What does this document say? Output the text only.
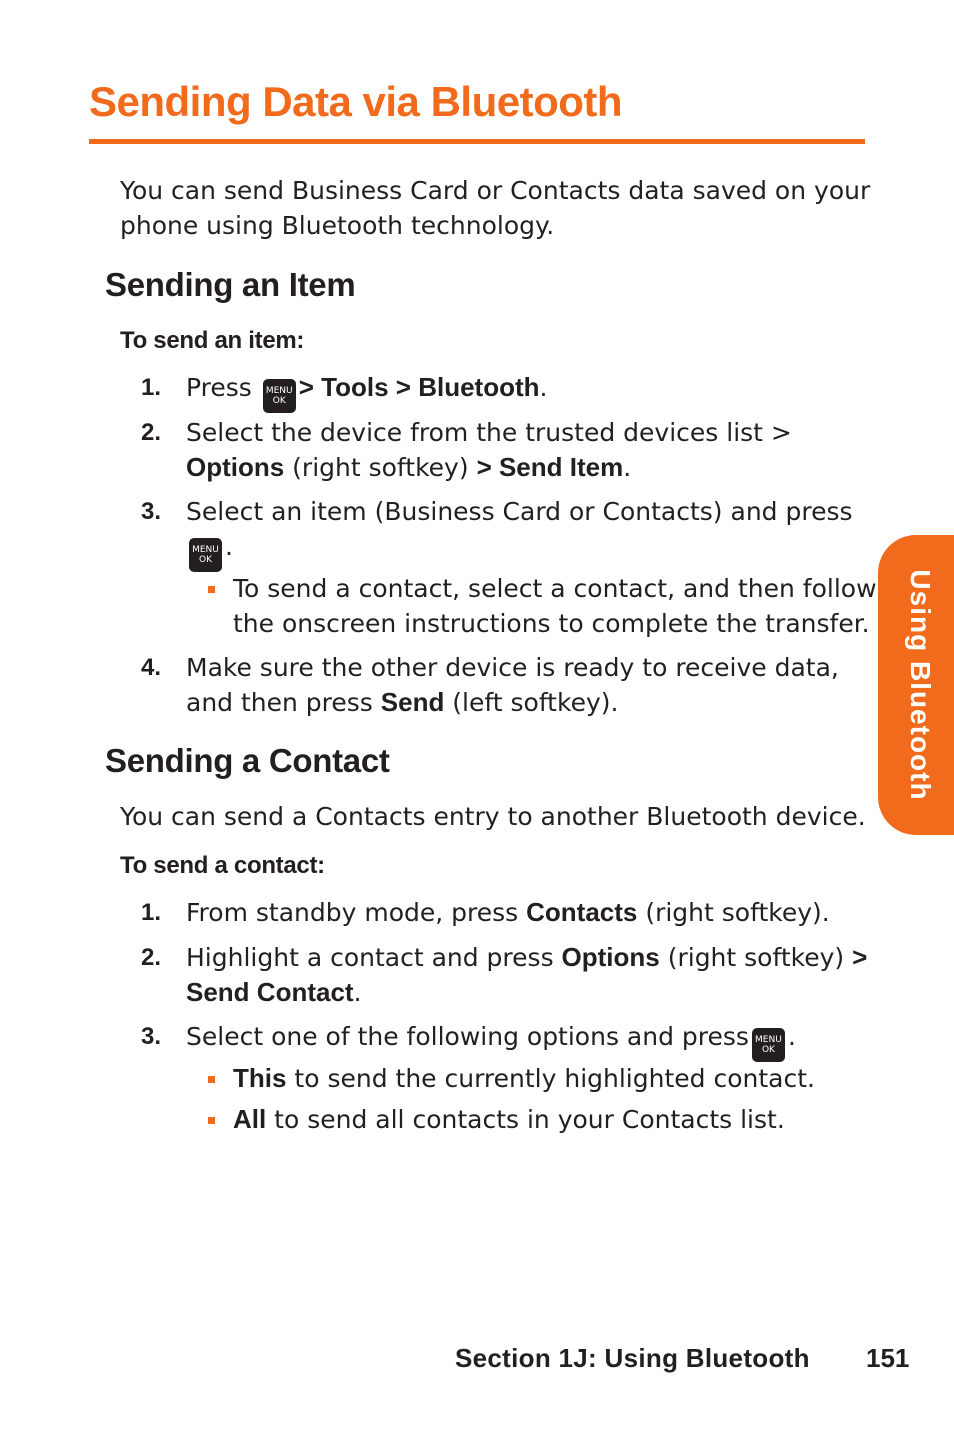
Sending Data via Bluetooth
You can send Business Card or Contacts data saved on your phone using Bluetooth technology.
Sending an Item
To send an item:
1. Press	MENU
OK > Tools > Bluetooth.
2. Select the device from the trusted devices list > Options (right softkey) > Send Item.
3. Select an item (Business Card or Contacts) and press
MENU
OK .
To send a contact, select a contact, and then follow the onscreen instructions to complete the transfer.
4. Make sure the other device is ready to receive data, and then press Send (left softkey).
Sending a Contact
You can send a Contacts entry to another Bluetooth device.
To send a contact:
1. From standby mode, press Contacts (right softkey).
2. Highlight a contact and press Options (right softkey) > Send Contact.
3. Select one of the following options and press MENU
OK .
This to send the currently highlighted contact.
All to send all contacts in your Contacts list.
Using Bluetooth
Section 1J: Using Bluetooth 151
